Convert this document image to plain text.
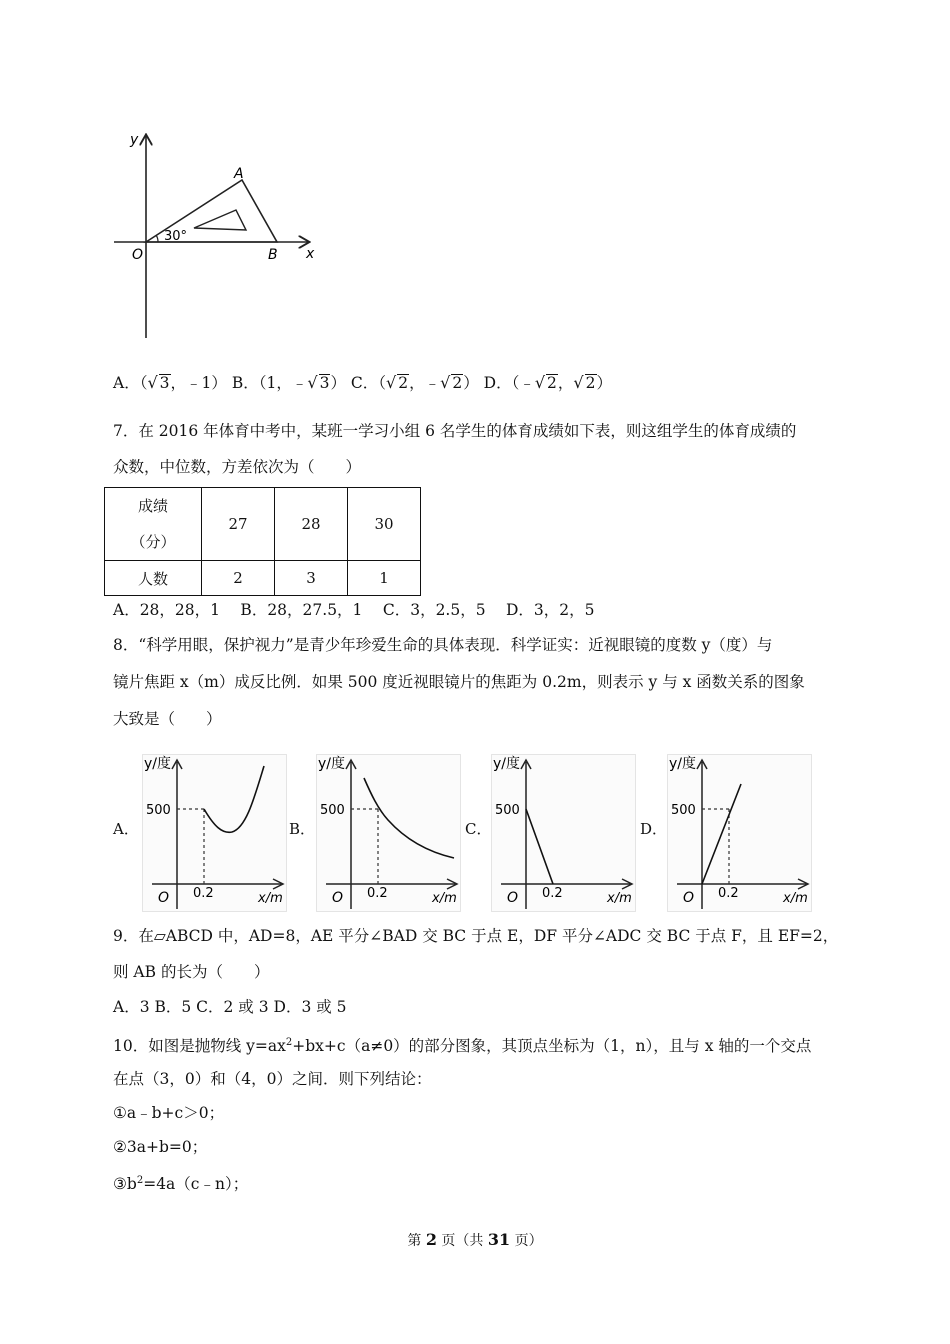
y
x
O
A
B
30°
A．（√ 3，﹣1） B．（1，﹣√ 3） C．（√ 2，﹣√ 2） D．（﹣√ 2，√ 2）
7．在 2016 年体育中考中，某班一学习小组 6 名学生的体育成绩如下表，则这组学生的体育成绩的
众数，中位数，方差依次为（　　）
成绩
（分）	27	28	30
人数	2	3	1
A．28，28，1　 B．28，27.5，1　 C．3，2.5，5　 D．3，2，5
8．“科学用眼，保护视力”是青少年珍爱生命的具体表现．科学证实：近视眼镜的度数 y（度）与
镜片焦距 x（m）成反比例．如果 500 度近视眼镜片的焦距为 0.2m，则表示 y 与 x 函数关系的图象
大致是（　　）
A．	B．	C．	D．
y/度
500
O 0.2	x/m
y/度
500
O 0.2	x/m
y/度
500
O 0.2	x/m
y/度
500
O 0.2	x/m
9．在▱ABCD 中，AD=8，AE 平分∠BAD 交 BC 于点 E，DF 平分∠ADC 交 BC 于点 F，且 EF=2，
则 AB 的长为（　　）
A．3 B．5 C．2 或 3 D．3 或 5
10．如图是抛物线 $y=ax^2+bx+c(a\ne 0)$的部分图象，其顶点坐标为（1，n），且与 x 轴的一个交点
在点（3，0）和（4，0）之间．则下列结论：
①a﹣b+c＞0；
②3a+b=0；
$③b^2=4a(c﹣n)$；
第 2 页（共 31 页）
